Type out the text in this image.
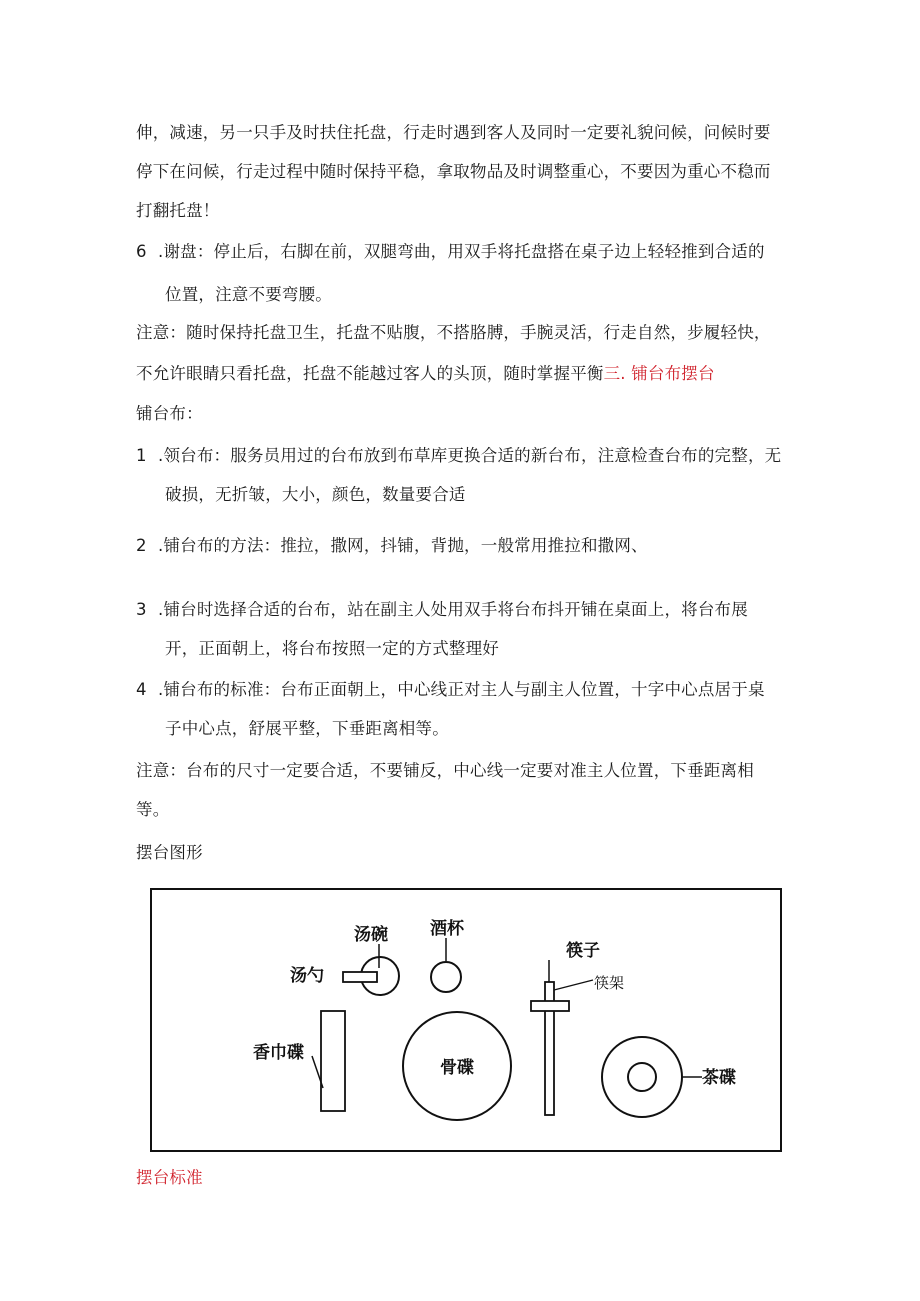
伸，减速，另一只手及时扶住托盘，行走时遇到客人及同时一定要礼貌问候，问候时要
停下在问候，行走过程中随时保持平稳，拿取物品及时调整重心，不要因为重心不稳而
打翻托盘！
6 .谢盘：停止后，右脚在前，双腿弯曲，用双手将托盘搭在桌子边上轻轻推到合适的
位置，注意不要弯腰。
注意：随时保持托盘卫生，托盘不贴腹，不搭胳膊，手腕灵活，行走自然，步履轻快，
不允许眼睛只看托盘，托盘不能越过客人的头顶，随时掌握平衡三. 铺台布摆台
铺台布：
1 .领台布：服务员用过的台布放到布草库更换合适的新台布，注意检查台布的完整，无
破损，无折皱，大小，颜色，数量要合适
2 .铺台布的方法：推拉，撒网，抖铺，背抛，一般常用推拉和撒网、
3 .铺台时选择合适的台布，站在副主人处用双手将台布抖开铺在桌面上，将台布展
开，正面朝上，将台布按照一定的方式整理好
4 .铺台布的标准：台布正面朝上，中心线正对主人与副主人位置，十字中心点居于桌
子中心点，舒展平整，下垂距离相等。
注意：台布的尺寸一定要合适，不要铺反，中心线一定要对准主人位置，下垂距离相
等。
摆台图形
汤碗
汤勺
酒杯
筷子
筷架
香巾碟
骨碟	茶碟
摆台标准
